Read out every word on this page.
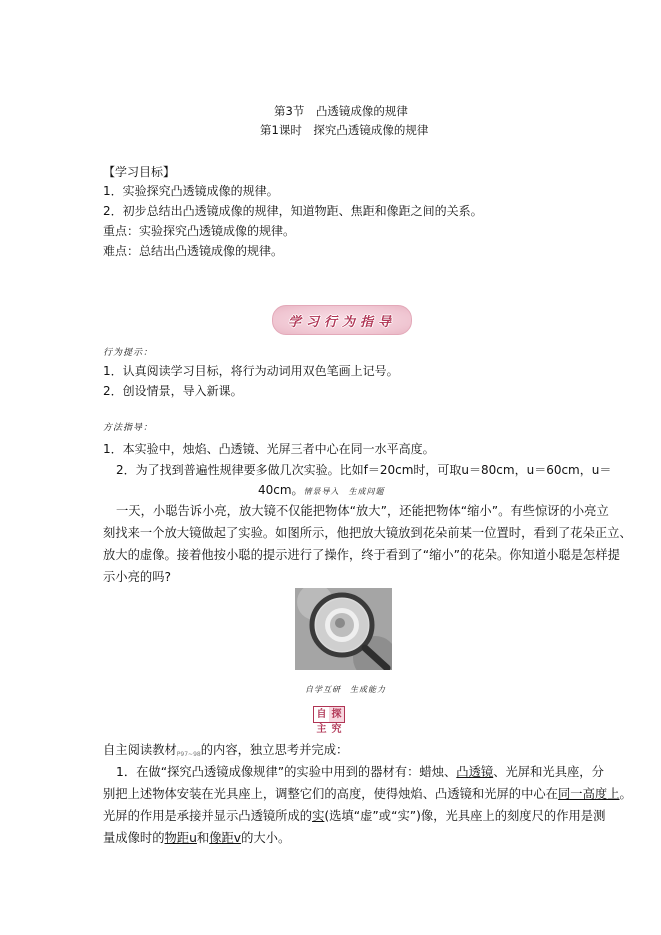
第3节　凸透镜成像的规律
第1课时　探究凸透镜成像的规律
【学习目标】
1．实验探究凸透镜成像的规律。
2．初步总结出凸透镜成像的规律，知道物距、焦距和像距之间的关系。
重点：实验探究凸透镜成像的规律。
难点：总结出凸透镜成像的规律。
学习行为指导
行为提示：
1．认真阅读学习目标，将行为动词用双色笔画上记号。
2．创设情景，导入新课。
方法指导：
1．本实验中，烛焰、凸透镜、光屏三者中心在同一水平高度。
2．为了找到普遍性规律要多做几次实验。比如f＝20cm时，可取u＝80cm，u＝60cm，u＝
40cm。情景导入　生成问题
一天，小聪告诉小亮，放大镜不仅能把物体“放大”，还能把物体“缩小”。有些惊讶的小亮立
刻找来一个放大镜做起了实验。如图所示，他把放大镜放到花朵前某一位置时，看到了花朵正立、
放大的虚像。接着他按小聪的提示进行了操作，终于看到了“缩小”的花朵。你知道小聪是怎样提
示小亮的吗?
自学互研　生成能力
自主探究
自主阅读教材$_{P97\sim 98}$的内容，独立思考并完成：
1．在做“探究凸透镜成像规律”的实验中用到的器材有：蜡烛、凸透镜、光屏和光具座，分
别把上述物体安装在光具座上，调整它们的高度，使得烛焰、凸透镜和光屏的中心在同一高度上。
光屏的作用是承接并显示凸透镜所成的实(选填“虚”或“实”)像，光具座上的刻度尺的作用是测
量成像时的物距u和像距v的大小。
